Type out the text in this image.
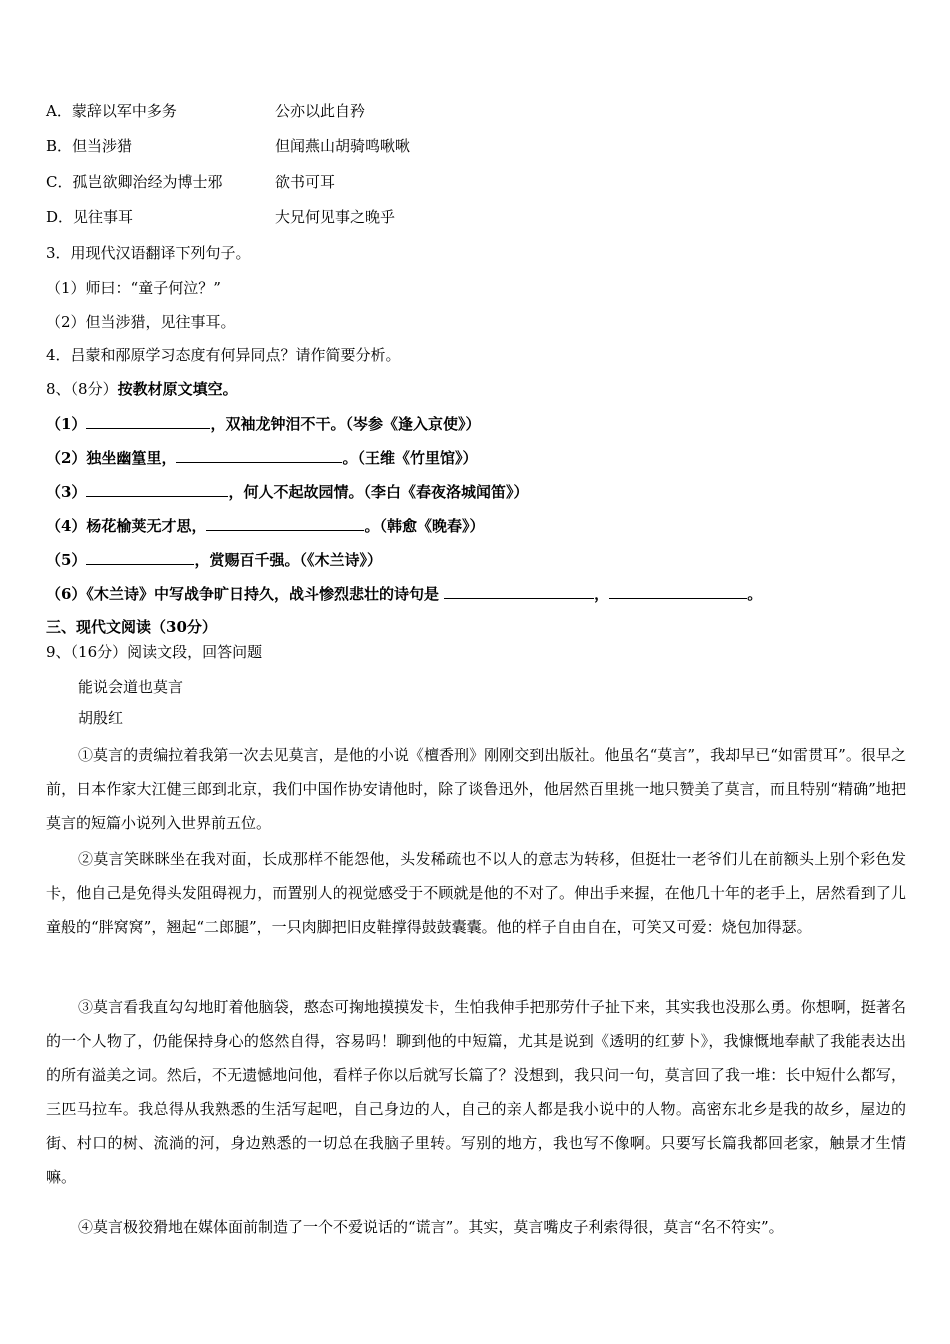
A．蒙辞以军中多务	公亦以此自矜
B．但当涉猎	但闻燕山胡骑鸣啾啾
C．孤岂欲卿治经为博士邪	欲书可耳
D．见往事耳	大兄何见事之晚乎
3．用现代汉语翻译下列句子。
（1）师曰：“童子何泣？”
（2）但当涉猎，见往事耳。
4．吕蒙和邴原学习态度有何异同点？请作简要分析。
8、（8分）按教材原文填空。
（1）	，双袖龙钟泪不干。（岑参《逢入京使》）
（2）独坐幽篁里，	。（王维《竹里馆》）
（3）	，何人不起故园情。（李白《春夜洛城闻笛》）
（4）杨花榆荚无才思，	。（韩愈《晚春》）
（5）	，赏赐百千强。（《木兰诗》）
（6）《木兰诗》中写战争旷日持久，战斗惨烈悲壮的诗句是	，	。
三、现代文阅读（30分）
9、（16分）阅读文段，回答问题
能说会道也莫言
胡殷红
①莫言的责编拉着我第一次去见莫言，是他的小说《檀香刑》刚刚交到出版社。他虽名“莫言”，我却早已“如雷贯耳”。很早之前，日本作家大江健三郎到北京，我们中国作协安请他时，除了谈鲁迅外，他居然百里挑一地只赞美了莫言，而且特别“精确”地把莫言的短篇小说列入世界前五位。
②莫言笑眯眯坐在我对面，长成那样不能怨他，头发稀疏也不以人的意志为转移，但挺壮一老爷们儿在前额头上别个彩色发卡，他自己是免得头发阻碍视力，而置别人的视觉感受于不顾就是他的不对了。伸出手来握，在他几十年的老手上，居然看到了儿童般的“胖窝窝”，翘起“二郎腿”，一只肉脚把旧皮鞋撑得鼓鼓囊囊。他的样子自由自在，可笑又可爱：烧包加得瑟。
③莫言看我直勾勾地盯着他脑袋，憨态可掬地摸摸发卡，生怕我伸手把那劳什子扯下来，其实我也没那么勇。你想啊，挺著名的一个人物了，仍能保持身心的悠然自得，容易吗！聊到他的中短篇，尤其是说到《透明的红萝卜》，我慷慨地奉献了我能表达出的所有溢美之词。然后，不无遗憾地问他，看样子你以后就写长篇了？没想到，我只问一句，莫言回了我一堆：长中短什么都写，三匹马拉车。我总得从我熟悉的生活写起吧，自己身边的人，自己的亲人都是我小说中的人物。高密东北乡是我的故乡，屋边的街、村口的树、流淌的河，身边熟悉的一切总在我脑子里转。写别的地方，我也写不像啊。只要写长篇我都回老家，触景才生情嘛。
④莫言极狡猾地在媒体面前制造了一个不爱说话的“谎言”。其实，莫言嘴皮子利索得很，莫言“名不符实”。
